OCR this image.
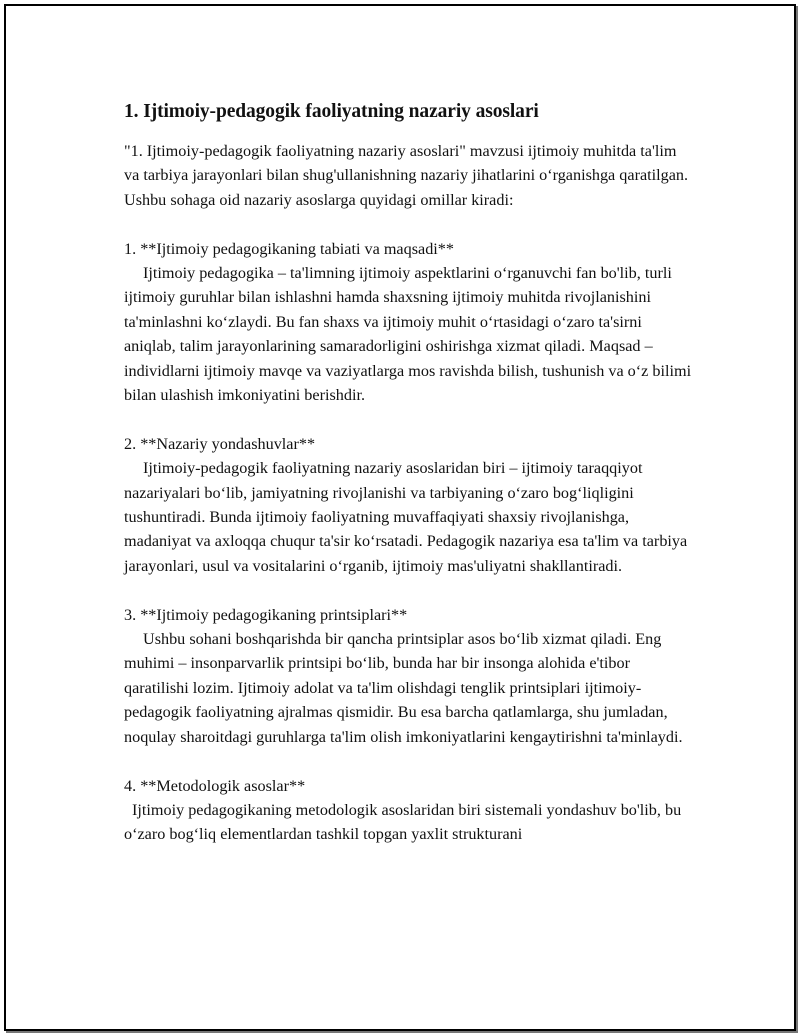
1. Ijtimoiy-pedagogik faoliyatning nazariy asoslari

"1. Ijtimoiy-pedagogik faoliyatning nazariy asoslari" mavzusi ijtimoiy muhitda ta'lim va tarbiya jarayonlari bilan shug'ullanishning nazariy jihatlarini oʻrganishga qaratilgan. Ushbu sohaga oid nazariy asoslarga quyidagi omillar kiradi:

1. **Ijtimoiy pedagogikaning tabiati va maqsadi**

Ijtimoiy pedagogika – ta'limning ijtimoiy aspektlarini oʻrganuvchi fan bo'lib, turli ijtimoiy guruhlar bilan ishlashni hamda shaxsning ijtimoiy muhitda rivojlanishini ta'minlashni koʻzlaydi. Bu fan shaxs va ijtimoiy muhit oʻrtasidagi oʻzaro ta'sirni aniqlab, talim jarayonlarining samaradorligini oshirishga xizmat qiladi. Maqsad – individlarni ijtimoiy mavqe va vaziyatlarga mos ravishda bilish, tushunish va oʻz bilimi bilan ulashish imkoniyatini berishdir.

2. **Nazariy yondashuvlar**

Ijtimoiy-pedagogik faoliyatning nazariy asoslaridan biri – ijtimoiy taraqqiyot nazariyalari boʻlib, jamiyatning rivojlanishi va tarbiyaning oʻzaro bogʻliqligini tushuntiradi. Bunda ijtimoiy faoliyatning muvaffaqiyati shaxsiy rivojlanishga, madaniyat va axloqqa chuqur ta'sir koʻrsatadi. Pedagogik nazariya esa ta'lim va tarbiya jarayonlari, usul va vositalarini oʻrganib, ijtimoiy mas'uliyatni shakllantiradi.

3. **Ijtimoiy pedagogikaning printsiplari**

Ushbu sohani boshqarishda bir qancha printsiplar asos boʻlib xizmat qiladi. Eng muhimi – insonparvarlik printsipi boʻlib, bunda har bir insonga alohida e'tibor qaratilishi lozim. Ijtimoiy adolat va ta'lim olishdagi tenglik printsiplari ijtimoiy-pedagogik faoliyatning ajralmas qismidir. Bu esa barcha qatlamlarga, shu jumladan, noqulay sharoitdagi guruhlarga ta'lim olish imkoniyatlarini kengaytirishni ta'minlaydi.

4. **Metodologik asoslar**

Ijtimoiy pedagogikaning metodologik asoslaridan biri sistemali yondashuv bo'lib, bu oʻzaro bogʻliq elementlardan tashkil topgan yaxlit strukturani
